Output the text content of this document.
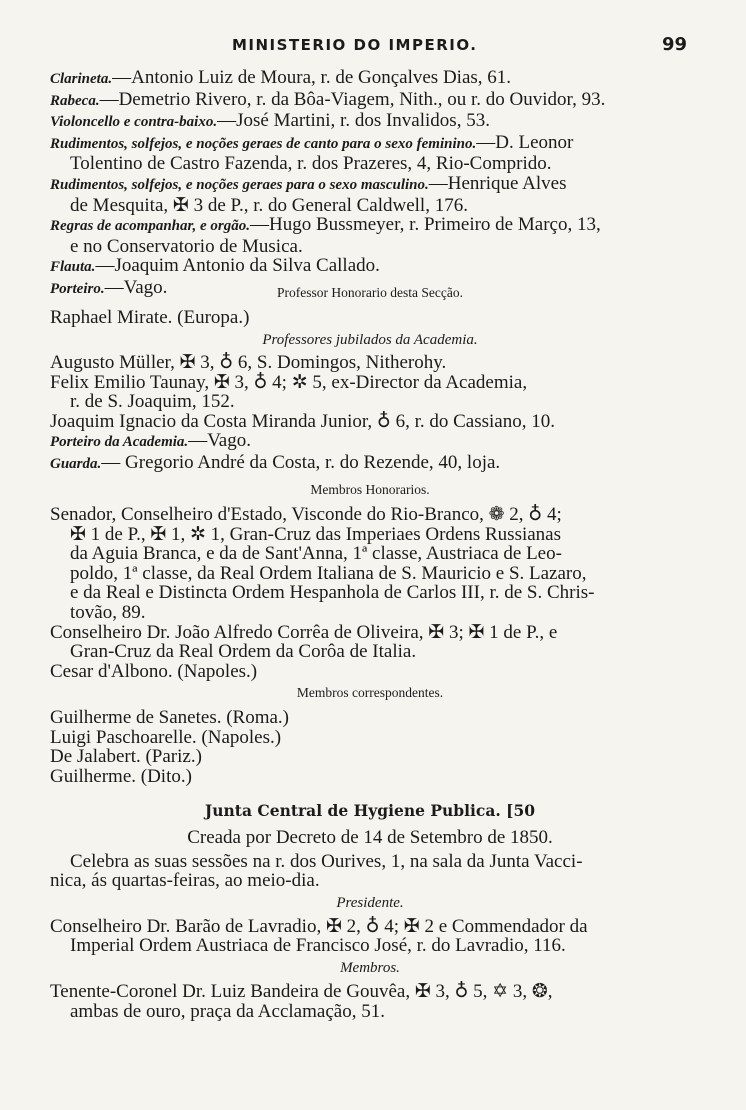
MINISTERIO DO IMPERIO.	99
Clarineta.—Antonio Luiz de Moura, r. de Gonçalves Dias, 61.
Rabeca.—Demetrio Rivero, r. da Bôa-Viagem, Nith., ou r. do Ouvidor, 93.
Violoncello e contra-baixo.—José Martini, r. dos Invalidos, 53.
Rudimentos, solfejos, e noções geraes de canto para o sexo feminino.—D. Leonor
Tolentino de Castro Fazenda, r. dos Prazeres, 4, Rio-Comprido.
Rudimentos, solfejos, e noções geraes para o sexo masculino.—Henrique Alves
de Mesquita, ✠ 3 de P., r. do General Caldwell, 176.
Regras de acompanhar, e orgão.—Hugo Bussmeyer, r. Primeiro de Março, 13,
e no Conservatorio de Musica.
Flauta.—Joaquim Antonio da Silva Callado.
Porteiro.—Vago.	Professor Honorario desta Secção.
Raphael Mirate. (Europa.)
Professores jubilados da Academia.
Augusto Müller, ✠ 3, ♁ 6, S. Domingos, Nitherohy.
Felix Emilio Taunay, ✠ 3, ♁ 4; ✲ 5, ex-Director da Academia,
r. de S. Joaquim, 152.
Joaquim Ignacio da Costa Miranda Junior, ♁ 6, r. do Cassiano, 10.
Porteiro da Academia.—Vago.
Guarda.— Gregorio André da Costa, r. do Rezende, 40, loja.
Membros Honorarios.
Senador, Conselheiro d'Estado, Visconde do Rio-Branco, ❁ 2, ♁ 4;
✠ 1 de P., ✠ 1, ✲ 1, Gran-Cruz das Imperiaes Ordens Russianas
da Aguia Branca, e da de Sant'Anna, 1ª classe, Austriaca de Leo-
poldo, 1ª classe, da Real Ordem Italiana de S. Mauricio e S. Lazaro,
e da Real e Distincta Ordem Hespanhola de Carlos III, r. de S. Chris-
tovão, 89.
Conselheiro Dr. João Alfredo Corrêa de Oliveira, ✠ 3; ✠ 1 de P., e
Gran-Cruz da Real Ordem da Corôa de Italia.
Cesar d'Albono. (Napoles.)
Membros correspondentes.
Guilherme de Sanetes. (Roma.)
Luigi Paschoarelle. (Napoles.)
De Jalabert. (Pariz.)
Guilherme. (Dito.)
Junta Central de Hygiene Publica. [50
Creada por Decreto de 14 de Setembro de 1850.
Celebra as suas sessões na r. dos Ourives, 1, na sala da Junta Vacci-
nica, ás quartas-feiras, ao meio-dia.
Presidente.
Conselheiro Dr. Barão de Lavradio, ✠ 2, ♁ 4; ✠ 2 e Commendador da
Imperial Ordem Austriaca de Francisco José, r. do Lavradio, 116.
Membros.
Tenente-Coronel Dr. Luiz Bandeira de Gouvêa, ✠ 3, ♁ 5, ✡ 3, ❂,
ambas de ouro, praça da Acclamação, 51.
